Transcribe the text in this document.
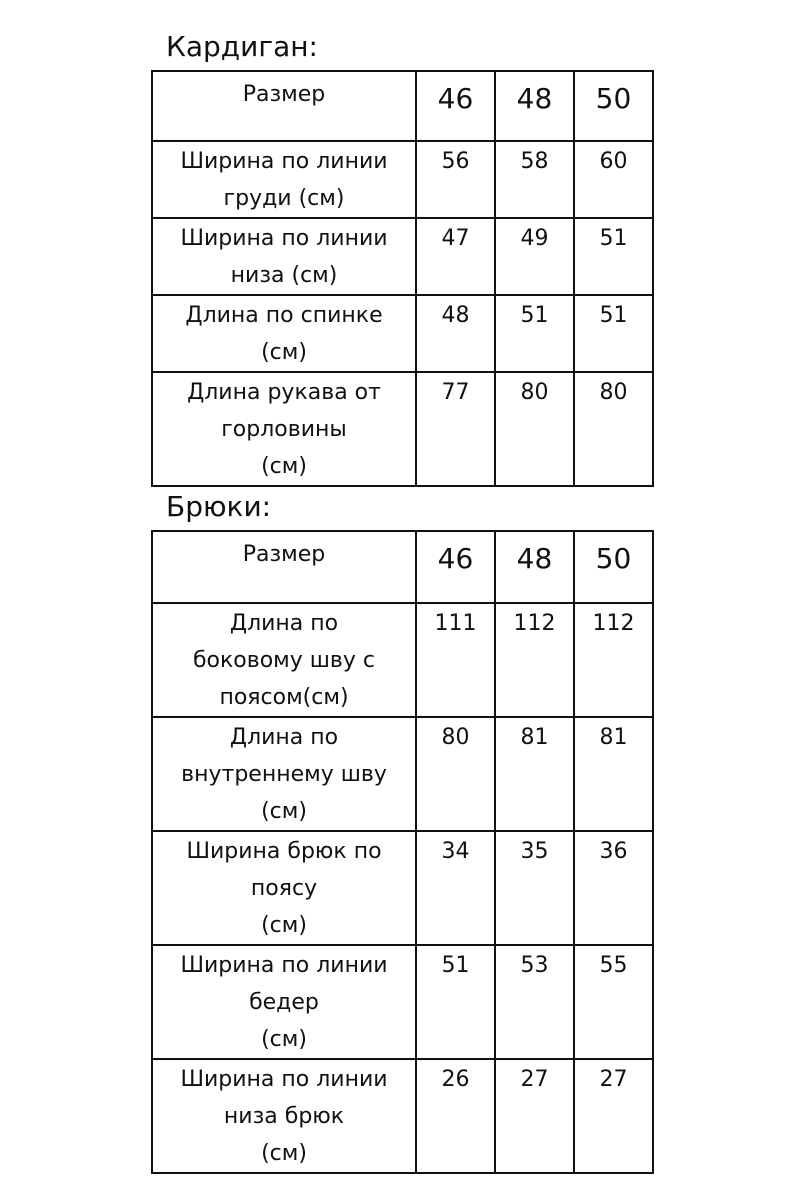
Кардиган:
Размер	46	48	50

Ширина по линии
груди (см)	56	58	60

Ширина по линии
низа (см)	47	49	51

Длина по спинке
(см)	48	51	51

Длина рукава от
горловины
(см)	77	80	80
Брюки:
Размер	46	48	50

Длина по
боковому шву с
поясом(см)	111	112	112

Длина по
внутреннему шву
(см)	80	81	81

Ширина брюк по
поясу
(см)	34	35	36

Ширина по линии
бедер
(см)	51	53	55

Ширина по линии
низа брюк
(см)	26	27	27
